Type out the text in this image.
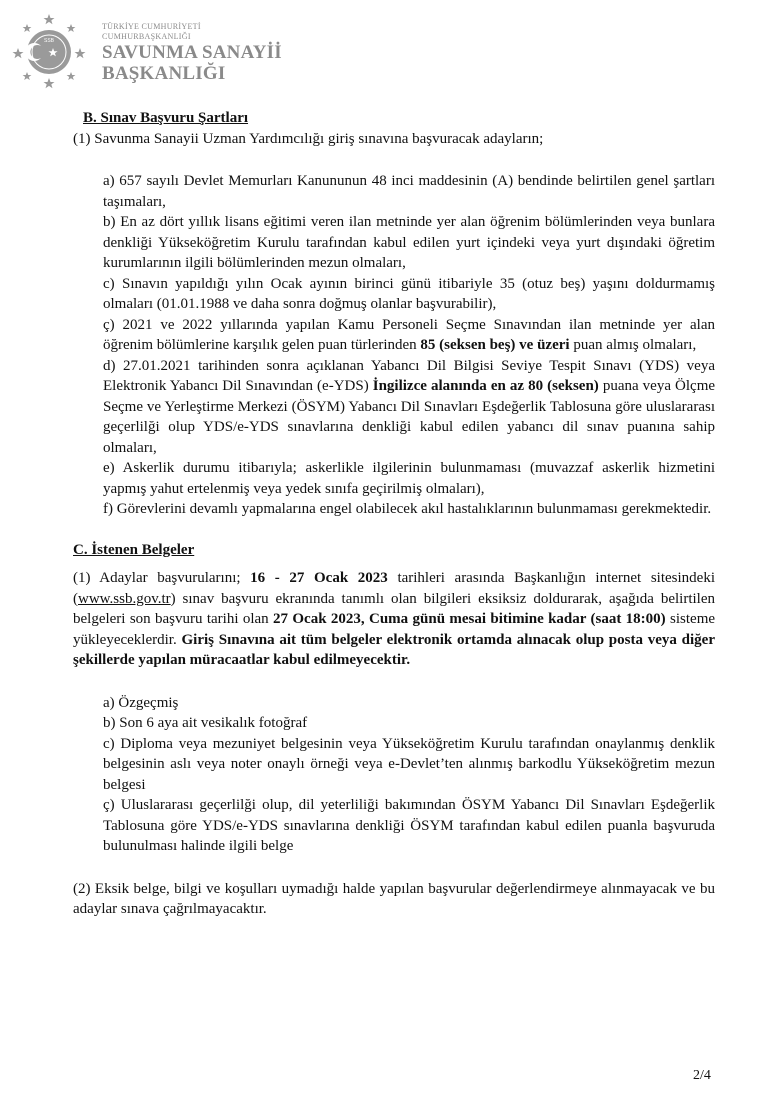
SSB
TÜRKİYE CUMHURİYETİ
CUMHURBAŞKANLIĞI
SAVUNMA SANAYİİ
BAŞKANLIĞI
B. Sınav Başvuru Şartları

(1) Savunma Sanayii Uzman Yardımcılığı giriş sınavına başvuracak adayların;

a) 657 sayılı Devlet Memurları Kanununun 48 inci maddesinin (A) bendinde belirtilen genel şartları taşımaları,

b) En az dört yıllık lisans eğitimi veren ilan metninde yer alan öğrenim bölümlerinden veya bunlara denkliği Yükseköğretim Kurulu tarafından kabul edilen yurt içindeki veya yurt dışındaki öğretim kurumlarının ilgili bölümlerinden mezun olmaları,

c) Sınavın yapıldığı yılın Ocak ayının birinci günü itibariyle 35 (otuz beş) yaşını doldurmamış olmaları (01.01.1988 ve daha sonra doğmuş olanlar başvurabilir),

ç) 2021 ve 2022 yıllarında yapılan Kamu Personeli Seçme Sınavından ilan metninde yer alan öğrenim bölümlerine karşılık gelen puan türlerinden 85 (seksen beş) ve üzeri puan almış olmaları,

d) 27.01.2021 tarihinden sonra açıklanan Yabancı Dil Bilgisi Seviye Tespit Sınavı (YDS) veya Elektronik Yabancı Dil Sınavından (e-YDS) İngilizce alanında en az 80 (seksen) puana veya Ölçme Seçme ve Yerleştirme Merkezi (ÖSYM) Yabancı Dil Sınavları Eşdeğerlik Tablosuna göre uluslararası geçerlilği olup YDS/e-YDS sınavlarına denkliği kabul edilen yabancı dil sınav puanına sahip olmaları,

e) Askerlik durumu itibarıyla; askerlikle ilgilerinin bulunmaması (muvazzaf askerlik hizmetini yapmış yahut ertelenmiş veya yedek sınıfa geçirilmiş olmaları),

f) Görevlerini devamlı yapmalarına engel olabilecek akıl hastalıklarının bulunmaması gerekmektedir.

C. İstenen Belgeler

(1) Adaylar başvurularını; 16 - 27 Ocak 2023 tarihleri arasında Başkanlığın internet sitesindeki (www.ssb.gov.tr) sınav başvuru ekranında tanımlı olan bilgileri eksiksiz doldurarak, aşağıda belirtilen belgeleri son başvuru tarihi olan 27 Ocak 2023, Cuma günü mesai bitimine kadar (saat 18:00) sisteme yükleyeceklerdir. Giriş Sınavına ait tüm belgeler elektronik ortamda alınacak olup posta veya diğer şekillerde yapılan müracaatlar kabul edilmeyecektir.

a) Özgeçmiş

b) Son 6 aya ait vesikalık fotoğraf

c) Diploma veya mezuniyet belgesinin veya Yükseköğretim Kurulu tarafından onaylanmış denklik belgesinin aslı veya noter onaylı örneği veya e-Devlet’ten alınmış barkodlu Yükseköğretim mezun belgesi

ç) Uluslararası geçerlilği olup, dil yeterliliği bakımından ÖSYM Yabancı Dil Sınavları Eşdeğerlik Tablosuna göre YDS/e-YDS sınavlarına denkliği ÖSYM tarafından kabul edilen puanla başvuruda bulunulması halinde ilgili belge

(2) Eksik belge, bilgi ve koşulları uymadığı halde yapılan başvurular değerlendirmeye alınmayacak ve bu adaylar sınava çağrılmayacaktır.

2/4
